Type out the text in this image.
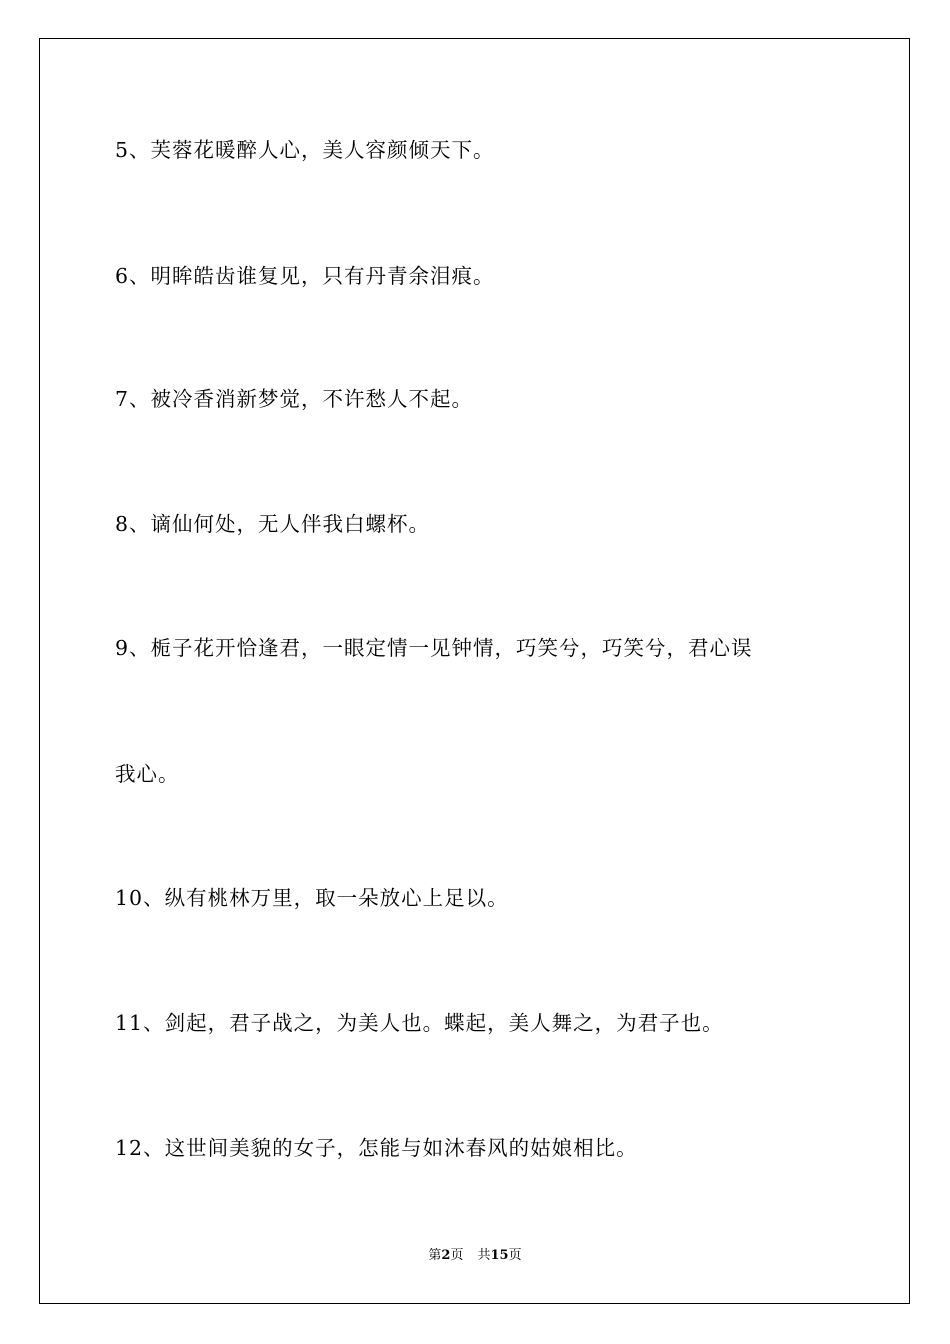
5、芙蓉花暖醉人心，美人容颜倾天下。
6、明眸皓齿谁复见，只有丹青余泪痕。
7、被冷香消新梦觉，不许愁人不起。
8、谪仙何处，无人伴我白螺杯。
9、栀子花开恰逢君，一眼定情一见钟情，巧笑兮，巧笑兮，君心误
我心。
10、纵有桃林万里，取一朵放心上足以。
11、剑起，君子战之，为美人也。蝶起，美人舞之，为君子也。
12、这世间美貌的女子，怎能与如沐春风的姑娘相比。
第2页 共15页
